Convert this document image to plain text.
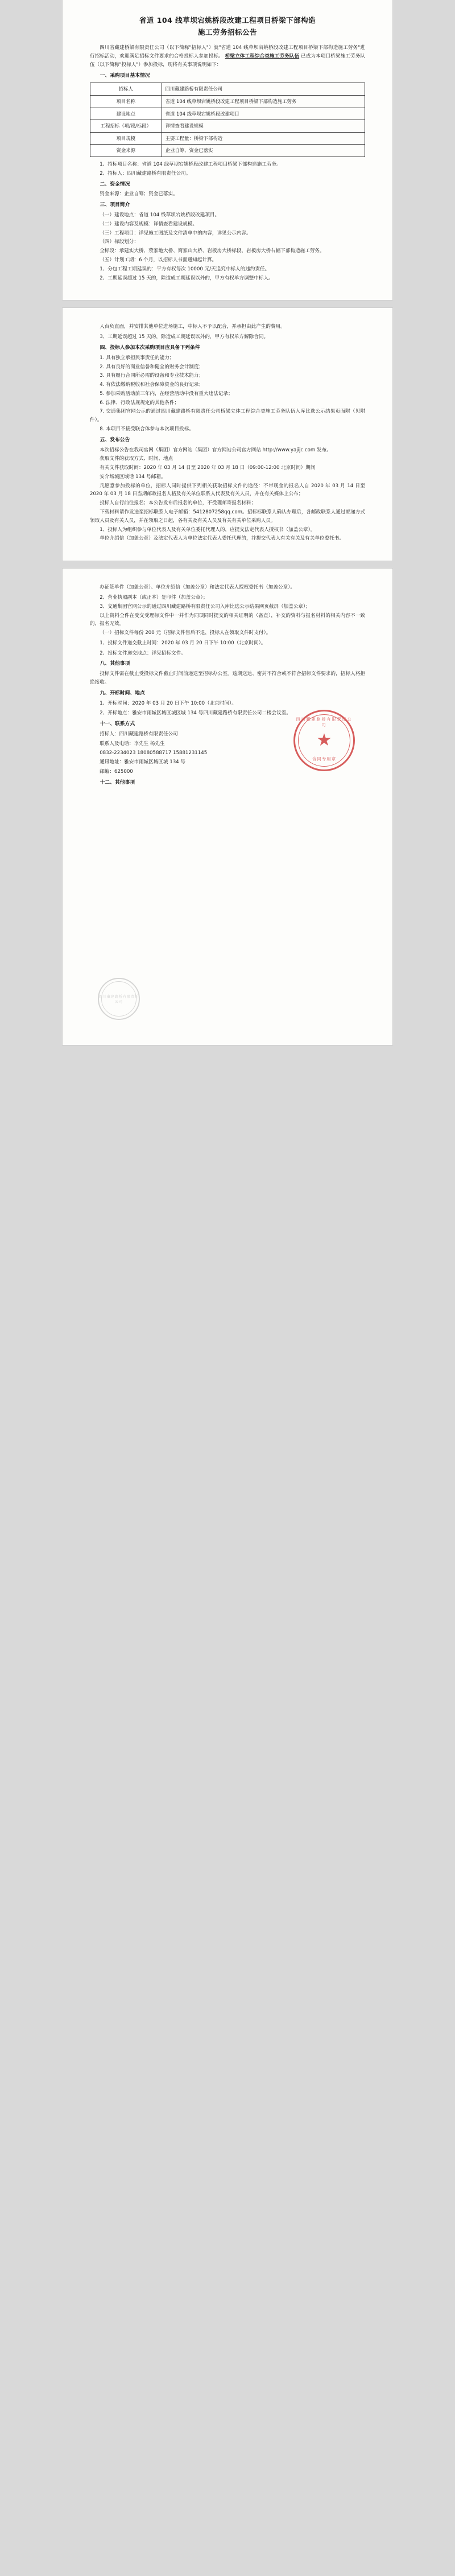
省道 104 线草坝宕姚桥段改建工程项目桥梁下部构造
施工劳务招标公告

四川省藏建桥梁有限责任公司（以下简称"招标人"）就"省道 104 线草坝宕姚桥段改建工程项目桥梁下部构造施工劳务"进行招标活动，欢迎满足招标文件要求的合格投标人参加投标。 桥梁立体工程综合类施工劳务队伍 已成为本项目桥梁施工劳务队伍（以下简称"投标人"）参加投标，现将有关事项说明如下：

一、采购项目基本情况

招标人	四川藏建路桥有限责任公司
项目名称	省道 104 线草坝宕姚桥段改建工程项目桥梁下部构造施工劳务
建设地点	省道 104 线草坝宕姚桥段改建项目
工程招标（项/段/标段）	详情查看建设规模
项目規模	主要工程量：桥梁下部构造
资金来源	企业自筹、资金已落实

1、招标项目名称：省道 104 线草坝宕姚桥段改建工程项目桥梁下部构造施工劳务。

2、招标人：四川藏建路桥有限责任公司。

二、资金情况

资金来源：企业自筹；资金已落实。

三、项目简介

（一）建设地点：省道 104 线草坝宕姚桥段改建项目。

（二）建设内容及规模：详情查看建设规模。

（三）工程项目：详见施工图纸及文件清单中的内容，详见公示内容。

（四）标段划分：

全标段：承建实大桥、荥家地大桥、简家山大桥、岩板房大桥标段、岩板房大桥右幅下部构造施工劳务。

（五）计划工期：6 个月，以招标人书面通知起计算。

1、分包工程工期延误的：平方有权每次 10000 元/天追究中标人的违约责任。

2、工期延误超过 15 天的，除造成工期延误以外的，甲方有权单方调整中标人。

人台负直面，并安排其他单位进场施工，中标人不予以配合，并承担由此产生的费用。

3、工期延误超过 15 天的，除造成工期延误以外的，甲方有权单方解除合同。

四、投标人参加本次采购项目应具备下列条件

1. 具有独立承担民事责任的能力；

2. 具有良好的商业信誉和健全的财务会计制度；

3. 具有履行合同所必需的设备和专业技术能力；

4. 有依法缴纳税收和社会保障资金的良好记录；

5. 参加采购活动前三年内，在经营活动中没有重大违法记录；

6. 法律、行政法规规定的其他条件；

7. 交通集团官网公示的通过四川藏建路桥有限责任公司桥梁立体工程综合类施工劳务队伍入库比选公示结果页面附（见附件）。

8. 本项目不接受联合体参与本次项目投标。

五、发布公告

本次招标公告在我司官网（集团）官方网站（集团）官方网站公司官方网站 http://www.yajijc.com 发布。

获取文件的获取方式、时间、地点

有关文件获取时间：2020 年 03 月 14 日至 2020 年 03 月 18 日（09:00-12:00 北京时间）期间

安介场城区域话 134 号邮箱。

凡愿意参加投标的单位，招标人同时提供下列相关获取招标文件的途径：不带现金的报名人自 2020 年 03 月 14 日至 2020 年 03 月 18 日当期邮政报名人格及有关单位联系人代表及有关人员，并在有关媒体上公布；

投标人自行前往报名；本公告发布后报名的单位，不受理邮寄报名材料；

下载材料请作发送至招标联系人电子邮箱：5412807258qq.com。招标标联系人确认办理后，各邮政联系人通过邮递方式领取人员及有关人员，并在领取之日起，各有关及有关人员及有关有关单位采购人员。

1、投标人为组织参与单位代表人及有关单位委托代理人的，应提交法定代表人授权书（加盖公章）。

单位介绍信（加盖公章）及法定代表人为单位法定代表人委托代理的，并提交代表人有关有关及有关单位委托书。

办证签单件（加盖公章）、单位介绍信（加盖公章）和法定代表人授权委托书（加盖公章）。

2、营业执照副本（或正本）复印件（加盖公章）；

3、交通集团官网公示的通过四川藏建路桥有限责任公司入库比选公示结果网页截屏（加盖公章）；

以上资料全件在受交受理标文件中一并作为同项同时提交的相关证明的（备查），补交的资料与报名材料的相关内容不一致的，报名无效。

（一）招标文件每份 200 元（招标文件售后不退，投标人在领取文件时支付）。

1、投标文件递交截止时间：2020 年 03 月 20 日下午 10:00（北京时间）。

2、投标文件递交地点：详见招标文件。

八、其他事项

投标文件需在截止受投标文件截止时间前递送至招标办公室。逾期送达、密封不符合或不符合招标文件要求的，招标人将拒绝接收。

九、开标时间、地点

1、开标时间：2020 年 03 月 20 日下午 10:00（北京时间）。

2、开标地点：雅安市雨城区城区城区城 134 号四川藏建路桥有限责任公司二楼会议室。

十一、联系方式

招标人：四川藏建路桥有限责任公司

联系人及电话：李先生 杨先生

0832-2234023 18080588717 15881231145

通讯地址：雅安市雨城区城区城 134 号

邮编：625000

十二、其他事项

四川藏建路桥有限责任公司
★
合同专用章
四川藏建路桥有限责任公司
